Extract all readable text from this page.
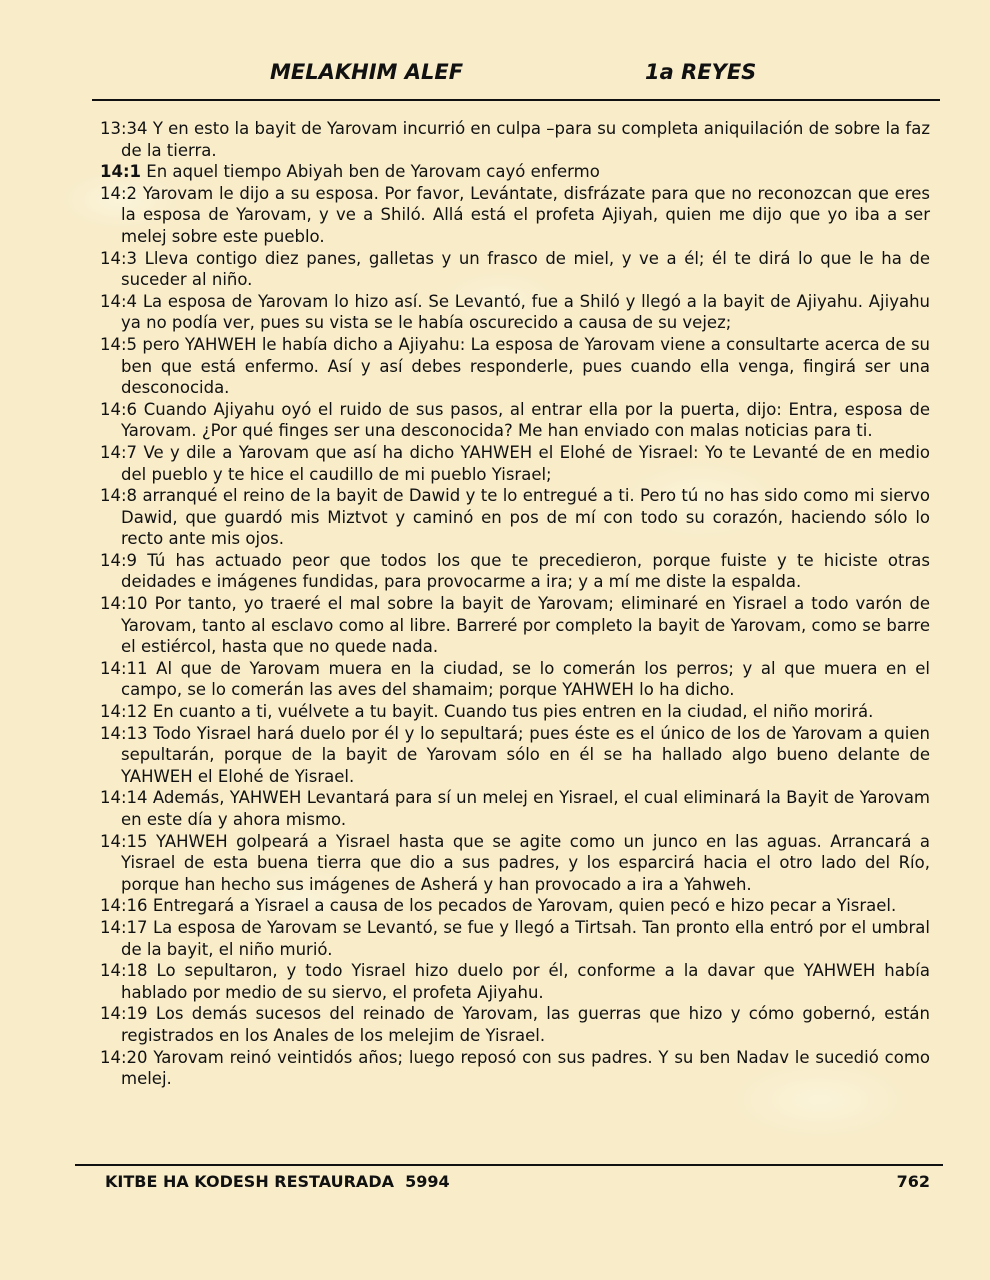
MELAKHIM ALEF	1a REYES

13:34 Y en esto la bayit de Yarovam incurrió en culpa –para su completa aniquilación de sobre la faz de la tierra.

14:1 En aquel tiempo Abiyah ben de Yarovam cayó enfermo

14:2 Yarovam le dijo a su esposa. Por favor, Levántate, disfrázate para que no reconozcan que eres la esposa de Yarovam, y ve a Shiló. Allá está el profeta Ajiyah, quien me dijo que yo iba a ser melej sobre este pueblo.

14:3 Lleva contigo diez panes, galletas y un frasco de miel, y ve a él; él te dirá lo que le ha de suceder al niño.

14:4 La esposa de Yarovam lo hizo así. Se Levantó, fue a Shiló y llegó a la bayit de Ajiyahu. Ajiyahu ya no podía ver, pues su vista se le había oscurecido a causa de su vejez;

14:5 pero YAHWEH le había dicho a Ajiyahu: La esposa de Yarovam viene a consultarte acerca de su ben que está enfermo. Así y así debes responderle, pues cuando ella venga, fingirá ser una desconocida.

14:6 Cuando Ajiyahu oyó el ruido de sus pasos, al entrar ella por la puerta, dijo: Entra, esposa de Yarovam. ¿Por qué finges ser una desconocida? Me han enviado con malas noticias para ti.

14:7 Ve y dile a Yarovam que así ha dicho YAHWEH el Elohé de Yisrael: Yo te Levanté de en medio del pueblo y te hice el caudillo de mi pueblo Yisrael;

14:8 arranqué el reino de la bayit de Dawid y te lo entregué a ti. Pero tú no has sido como mi siervo Dawid, que guardó mis Miztvot y caminó en pos de mí con todo su corazón, haciendo sólo lo recto ante mis ojos.

14:9 Tú has actuado peor que todos los que te precedieron, porque fuiste y te hiciste otras deidades e imágenes fundidas, para provocarme a ira; y a mí me diste la espalda.

14:10 Por tanto, yo traeré el mal sobre la bayit de Yarovam; eliminaré en Yisrael a todo varón de Yarovam, tanto al esclavo como al libre. Barreré por completo la bayit de Yarovam, como se barre el estiércol, hasta que no quede nada.

14:11 Al que de Yarovam muera en la ciudad, se lo comerán los perros; y al que muera en el campo, se lo comerán las aves del shamaim; porque YAHWEH lo ha dicho.

14:12 En cuanto a ti, vuélvete a tu bayit. Cuando tus pies entren en la ciudad, el niño morirá.

14:13 Todo Yisrael hará duelo por él y lo sepultará; pues éste es el único de los de Yarovam a quien sepultarán, porque de la bayit de Yarovam sólo en él se ha hallado algo bueno delante de YAHWEH el Elohé de Yisrael.

14:14 Además, YAHWEH Levantará para sí un melej en Yisrael, el cual eliminará la Bayit de Yarovam en este día y ahora mismo.

14:15 YAHWEH golpeará a Yisrael hasta que se agite como un junco en las aguas. Arrancará a Yisrael de esta buena tierra que dio a sus padres, y los esparcirá hacia el otro lado del Río, porque han hecho sus imágenes de Asherá y han provocado a ira a Yahweh.

14:16 Entregará a Yisrael a causa de los pecados de Yarovam, quien pecó e hizo pecar a Yisrael.

14:17 La esposa de Yarovam se Levantó, se fue y llegó a Tirtsah. Tan pronto ella entró por el umbral de la bayit, el niño murió.

14:18 Lo sepultaron, y todo Yisrael hizo duelo por él, conforme a la davar que YAHWEH había hablado por medio de su siervo, el profeta Ajiyahu.

14:19 Los demás sucesos del reinado de Yarovam, las guerras que hizo y cómo gobernó, están registrados en los Anales de los melejim de Yisrael.

14:20 Yarovam reinó veintidós años; luego reposó con sus padres. Y su ben Nadav le sucedió como melej.

KITBE HA KODESH RESTAURADA  5994	762
